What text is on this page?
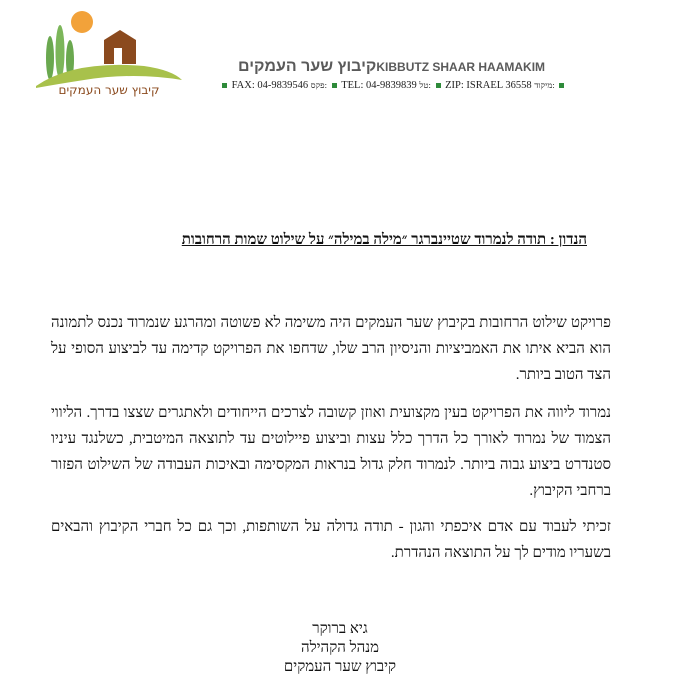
קיבוץ שער העמקים
קיבוץ שער העמקיםKIBBUTZ SHAAR HAAMAKIM
FAX: 04-9839546 פקס: TEL: 04-9839839 טל: ZIP: ISRAEL 36558 מיקוד:
הנדון : תודה לנמרוד שטיינברגר ״מילה במילה״ על שילוט שמות הרחובות
פרויקט שילוט הרחובות בקיבוץ שער העמקים היה משימה לא פשוטה ומהרגע שנמרוד נכנס לתמונה הוא הביא איתו את האמביציות והניסיון הרב שלו, שדחפו את הפרויקט קדימה עד לביצוע הסופי על הצד הטוב ביותר.
נמרוד ליווה את הפרויקט בעין מקצועית ואוזן קשובה לצרכים הייחודים ולאתגרים שצצו בדרך. הליווי הצמוד של נמרוד לאורך כל הדרך כלל עצות וביצוע פיילוטים עד לתוצאה המיטבית, כשלנגד עיניו סטנדרט ביצוע גבוה ביותר. לנמרוד חלק גדול בנראות המקסימה ובאיכות העבודה של השילוט הפזור ברחבי הקיבוץ.
זכיתי לעבוד עם אדם איכפתי והגון - תודה גדולה על השותפות, וכך גם כל חברי הקיבוץ והבאים בשעריו מודים לך על התוצאה הנהדרת.
גיא ברוקר
מנהל הקהילה
קיבוץ שער העמקים
